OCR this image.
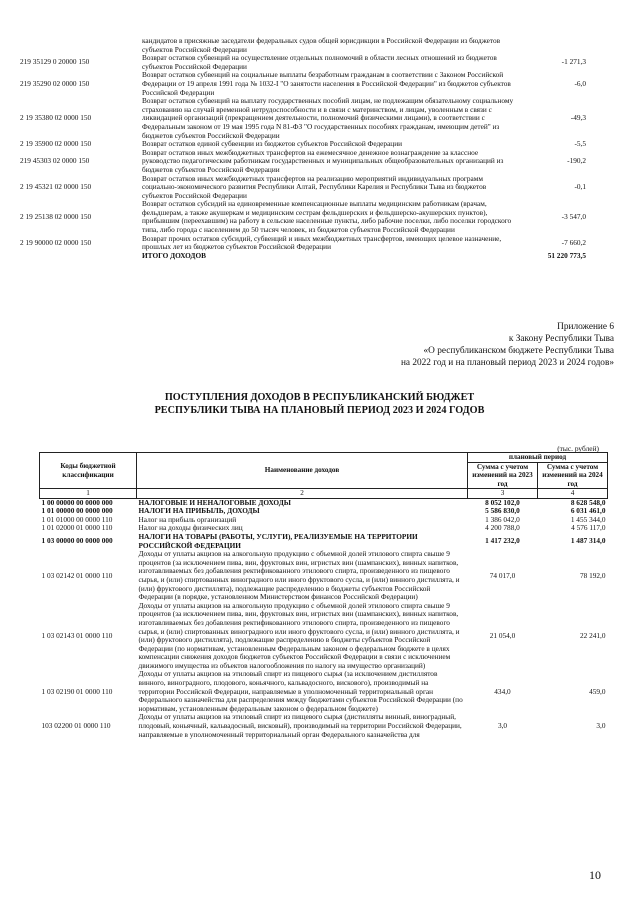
	кандидатов в присяжные заседатели федеральных судов общей юрисдикции в Российской Федерации из бюджетов субъектов Российской Федерации	
219 35129 0 20000 150	Возврат остатков субвенций на осуществление отдельных полномочий в области лесных отношений из бюджетов субъектов Российской Федерации	-1 271,3
219 35290 02 0000 150	Возврат остатков субвенций на социальные выплаты безработным гражданам в соответствии с Законом Российской Федерации от 19 апреля 1991 года № 1032-I "О занятости населения в Российской Федерации" из бюджетов субъектов Российской Федерации	-6,0
2 19 35380 02 0000 150	Возврат остатков субвенций на выплату государственных пособий лицам, не подлежащим обязательному социальному страхованию на случай временной нетрудоспособности и в связи с материнством, и лицам, уволенным в связи с ликвидацией организаций (прекращением деятельности, полномочий физическими лицами), в соответствии с Федеральным законом от 19 мая 1995 года N 81-ФЗ "О государственных пособиях гражданам, имеющим детей" из бюджетов субъектов Российской Федерации	-49,3
2 19 35900 02 0000 150	Возврат остатков единой субвенции из бюджетов субъектов Российской Федерации	-5,5
219 45303 02 0000 150	Возврат остатков иных межбюджетных трансфертов на ежемесячное денежное вознаграждение за классное руководство педагогическим работникам государственных и муниципальных общеобразовательных организаций из бюджетов субъектов Российской Федерации	-190,2
2 19 45321 02 0000 150	Возврат остатков иных межбюджетных трансфертов на реализацию мероприятий индивидуальных программ социально-экономического развития Республики Алтай, Республики Карелия и Республики Тыва из бюджетов субъектов Российской Федерации	-0,1
2 19 25138 02 0000 150	Возврат остатков субсидий на единовременные компенсационные выплаты медицинским работникам (врачам, фельдшерам, а также акушеркам и медицинским сестрам фельдшерских и фельдшерско-акушерских пунктов), прибывшим (переехавшим) на работу в сельские населенные пункты, либо рабочие поселки, либо поселки городского типа, либо города с населением до 50 тысяч человек, из бюджетов субъектов Российской Федерации	-3 547,0
2 19 90000 02 0000 150	Возврат прочих остатков субсидий, субвенций и иных межбюджетных трансфертов, имеющих целевое назначение, прошлых лет из бюджетов субъектов Российской Федерации	-7 660,2
	ИТОГО ДОХОДОВ	51 220 773,5
Приложение 6
к Закону Республики Тыва
«О республиканском бюджете Республики Тыва
на 2022 год и на плановый период 2023 и 2024 годов»
ПОСТУПЛЕНИЯ ДОХОДОВ В РЕСПУБЛИКАНСКИЙ БЮДЖЕТ
РЕСПУБЛИКИ ТЫВА НА ПЛАНОВЫЙ ПЕРИОД 2023 И 2024 ГОДОВ
(тыс. рублей)
Коды бюджетной классификации	Наименование доходов	плановый период	
		Сумма с учетом изменений на 2023 год	Сумма с учетом изменений на 2024 год
1	2	3	4
1 00 00000 00 0000 000	НАЛОГОВЫЕ И НЕНАЛОГОВЫЕ ДОХОДЫ	8 052 102,0	8 628 548,0
1 01 00000 00 0000 000	НАЛОГИ НА ПРИБЫЛЬ, ДОХОДЫ	5 586 830,0	6 031 461,0
1 01 01000 00 0000 110	Налог на прибыль организаций	1 386 042,0	1 455 344,0
1 01 02000 01 0000 110	Налог на доходы физических лиц	4 200 788,0	4 576 117,0
1 03 00000 00 0000 000	НАЛОГИ НА ТОВАРЫ (РАБОТЫ, УСЛУГИ), РЕАЛИЗУЕМЫЕ НА ТЕРРИТОРИИ РОССИЙСКОЙ ФЕДЕРАЦИИ	1 417 232,0	1 487 314,0
1 03 02142 01 0000 110	Доходы от уплаты акцизов на алкогольную продукцию с объемной долей этилового спирта свыше 9 процентов (за исключением пива, вин, фруктовых вин, игристых вин (шампанских), винных напитков, изготавливаемых без добавления ректификованного этилового спирта, произведенного из пищевого сырья, и (или) спиртованных виноградного или иного фруктового сусла, и (или) винного дистиллята, и (или) фруктового дистиллята), подлежащие распределению в бюджеты субъектов Российской Федерации (в порядке, установленном Министерством финансов Российской Федерации)	74 017,0	78 192,0
1 03 02143 01 0000 110	Доходы от уплаты акцизов на алкогольную продукцию с объемной долей этилового спирта свыше 9 процентов (за исключением пива, вин, фруктовых вин, игристых вин (шампанских), винных напитков, изготавливаемых без добавления ректификованного этилового спирта, произведенного из пищевого сырья, и (или) спиртованных виноградного или иного фруктового сусла, и (или) винного дистиллята, и (или) фруктового дистиллята), подлежащие распределению в бюджеты субъектов Российской Федерации (по нормативам, установленным Федеральным законом о федеральном бюджете в целях компенсации снижения доходов бюджетов субъектов Российской Федерации в связи с исключением движимого имущества из объектов налогообложения по налогу на имущество организаций)	21 054,0	22 241,0
1 03 02190 01 0000 110	Доходы от уплаты акцизов на этиловый спирт из пищевого сырья (за исключением дистиллятов винного, виноградного, плодового, коньячного, кальвадосного, вискового), производимый на территории Российской Федерации, направляемые в уполномоченный территориальный орган Федерального казначейства для распределения между бюджетами субъектов Российской Федерации (по нормативам, установленным федеральным законом о федеральном бюджете)	434,0	459,0
103 02200 01 0000 110	Доходы от уплаты акцизов на этиловый спирт из пищевого сырья (дистилляты винный, виноградный, плодовый, коньячный, кальвадосный, висковый), производимый на территории Российской Федерации, направляемые в уполномоченный территориальный орган Федерального казначейства для	3,0	3,0
10
